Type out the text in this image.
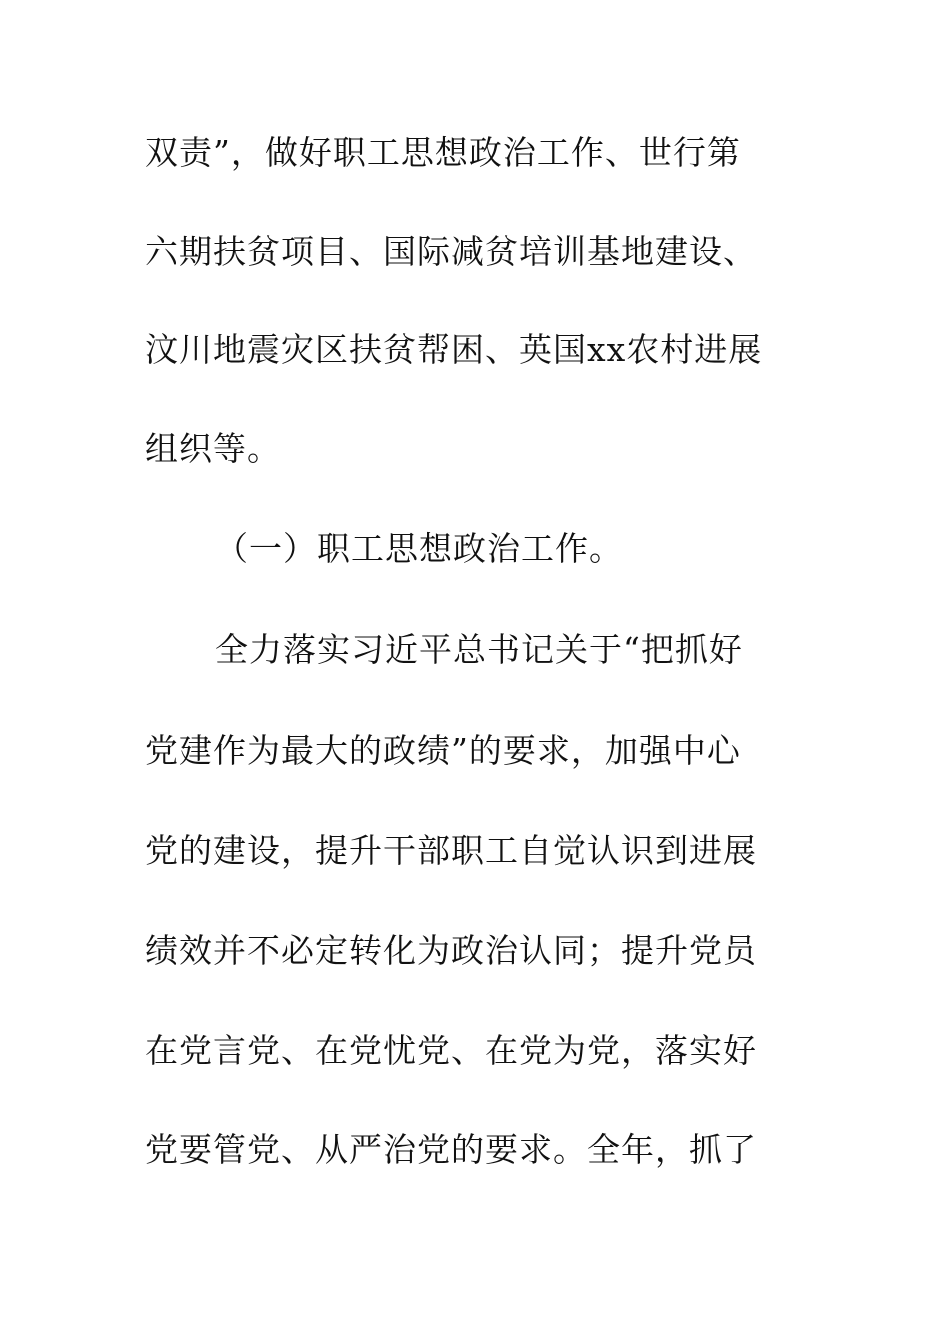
双责”，做好职工思想政治工作、世行第

六期扶贫项目、国际减贫培训基地建设、

汶川地震灾区扶贫帮困、英国xx农村进展

组织等。

（一）职工思想政治工作。

全力落实习近平总书记关于“把抓好

党建作为最大的政绩”的要求，加强中心

党的建设，提升干部职工自觉认识到进展

绩效并不必定转化为政治认同；提升党员

在党言党、在党忧党、在党为党，落实好

党要管党、从严治党的要求。全年，抓了
